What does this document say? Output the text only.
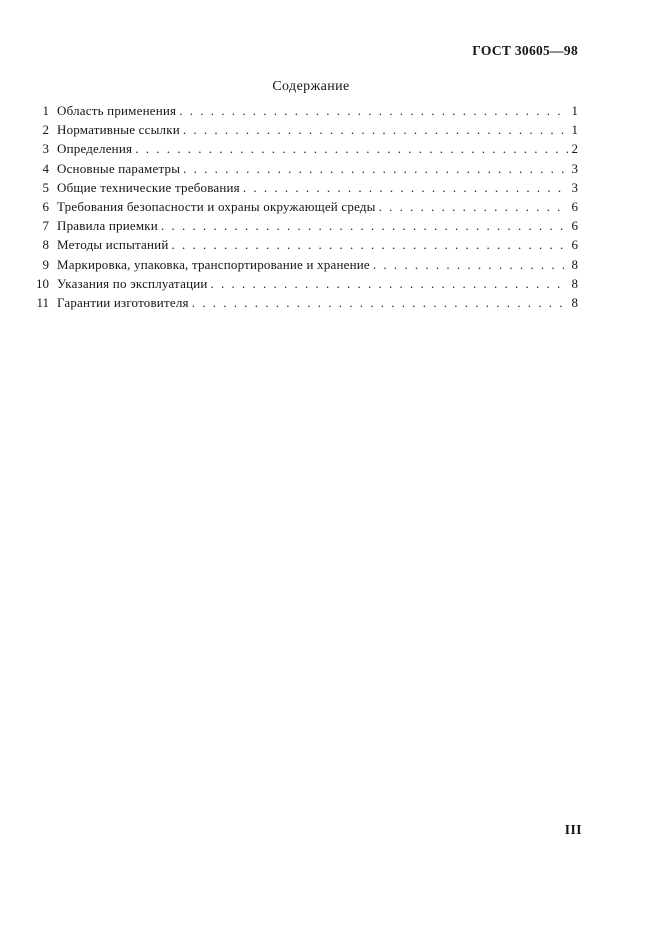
ГОСТ 30605—98
Содержание
1 Область применения . . .	1
2 Нормативные ссылки . . .	1
3 Определения . . .	2
4 Основные параметры . . .	3
5 Общие технические требования . . .	3
6 Требования безопасности и охраны окружающей среды . . .	6
7 Правила приемки . . .	6
8 Методы испытаний . . .	6
9 Маркировка, упаковка, транспортирование и хранение . . .	8
10 Указания по эксплуатации . . .	8
11 Гарантии изготовителя . . .	8
III
